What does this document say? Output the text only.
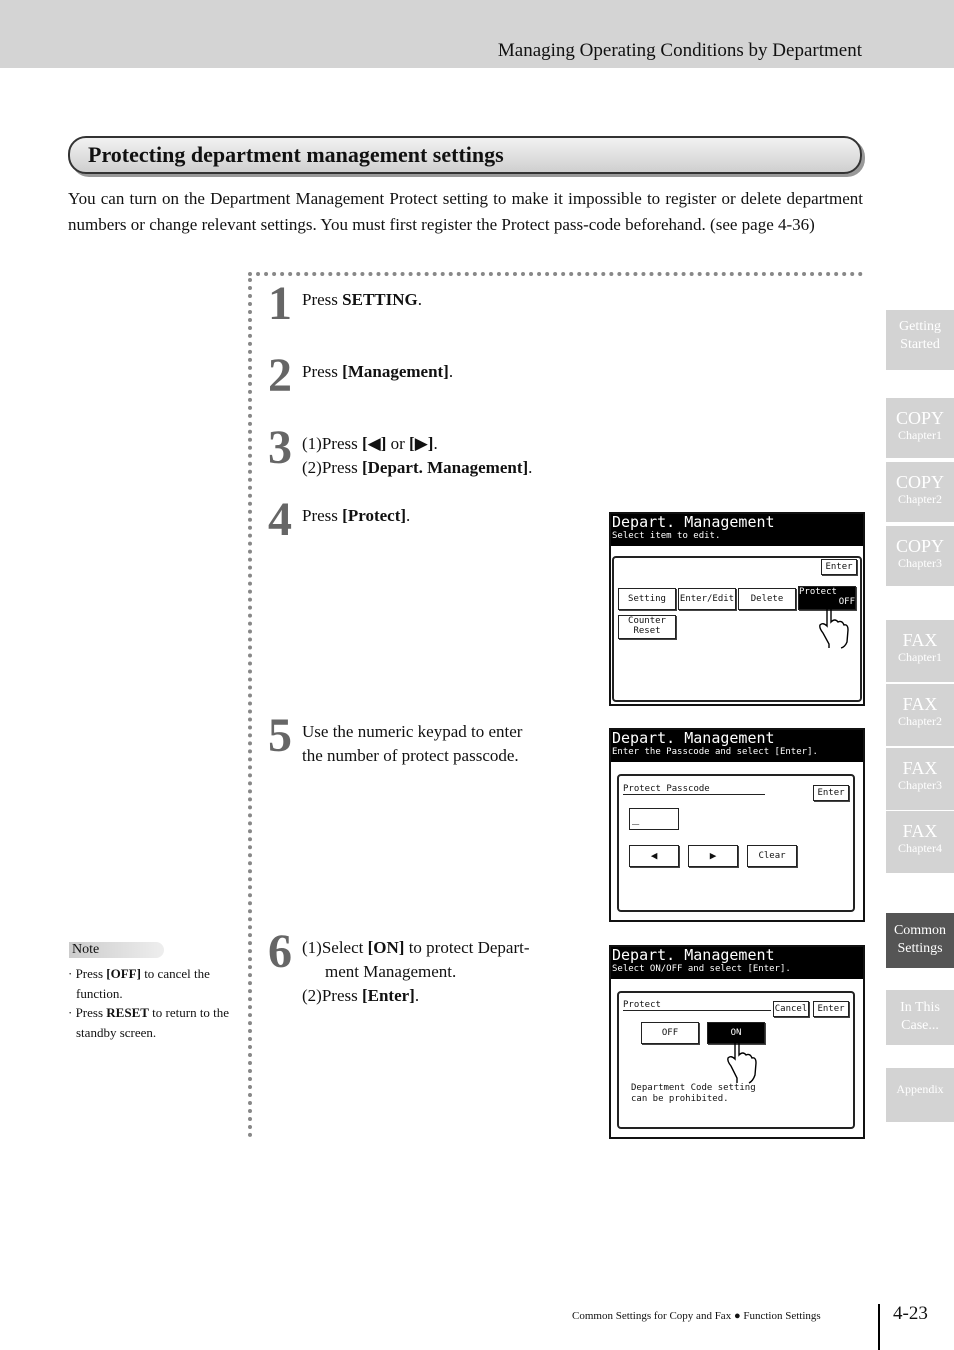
Managing Operating Conditions by Department
Protecting department management settings
You can turn on the Department Management Protect setting to make it impossible to register or delete department numbers or change relevant settings. You must first register the Protect pass-code beforehand. (see page 4-36)
1 Press SETTING.
2 Press [Management].
3 (1)Press [◀] or [▶].
(2)Press [Depart. Management].
4 Press [Protect].	Depart. Management
Select item to edit.
Enter
Setting	Enter/Edit	Delete
Protect
OFF
Counter
Reset
5 Use the numeric keypad to enter
the number of protect passcode.
Depart. Management
Enter the Passcode and select [Enter].
Protect Passcode	Enter
_
◀	▶	Clear
6 (1)Select [ON] to protect Depart-
ment Management.
(2)Press [Enter].
Depart. Management
Select ON/OFF and select [Enter].
Protect	Cancel	Enter
OFF	ON
Department Code setting
can be prohibited.
Note
· Press [OFF] to cancel the function.
· Press RESET to return to the standby screen.
Getting
Started
COPY
Chapter1
COPY
Chapter2
COPY
Chapter3
FAX
Chapter1
FAX
Chapter2
FAX
Chapter3
FAX
Chapter4
Common
Settings
In This
Case...
Appendix
Common Settings for Copy and Fax ● Function Settings	4-23
